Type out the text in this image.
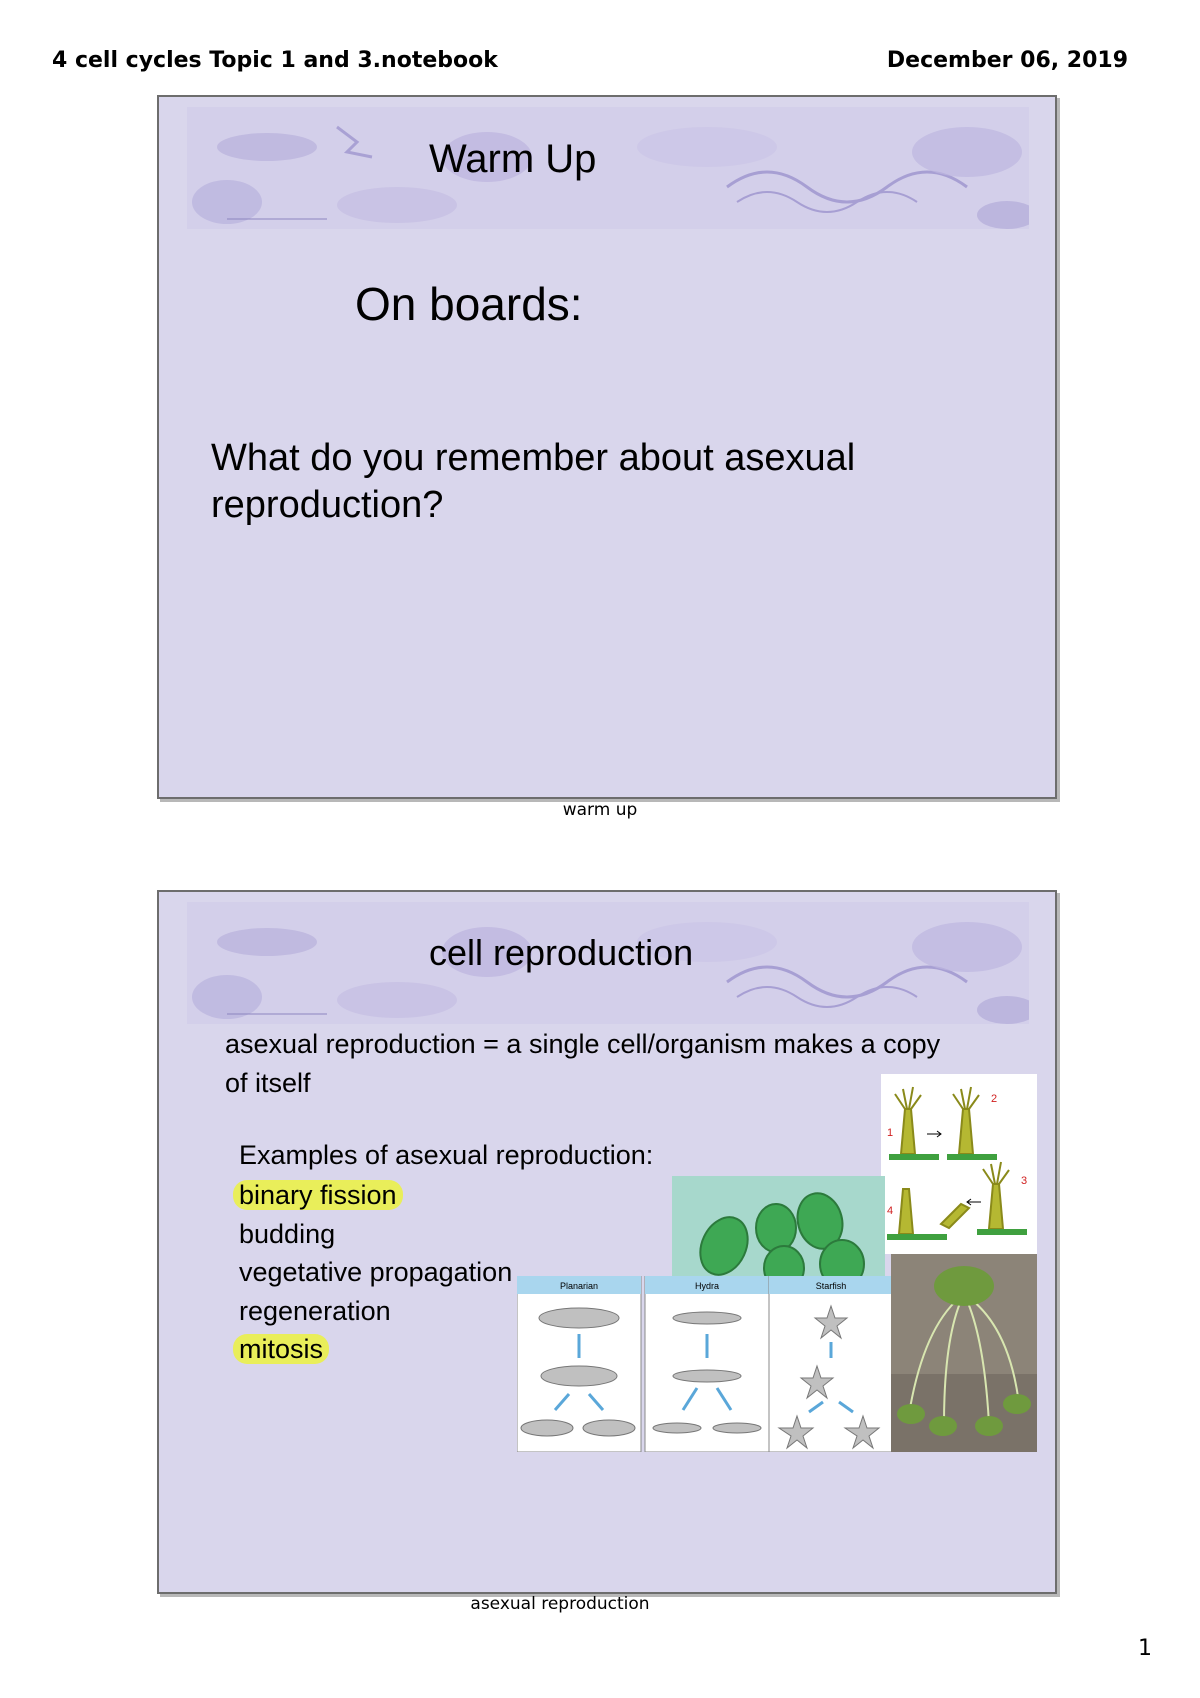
4 cell cycles Topic 1 and 3.notebook	December 06, 2019
Warm Up
On boards:
What do you remember about asexual reproduction?
warm up
cell reproduction
asexual reproduction = a single cell/organism makes a copy of itself
Examples of asexual reproduction:
binary fission
budding
vegetative propagation
regeneration
mitosis
1
2
3
4
Planarian	Hydra	Starfish
asexual reproduction
1
